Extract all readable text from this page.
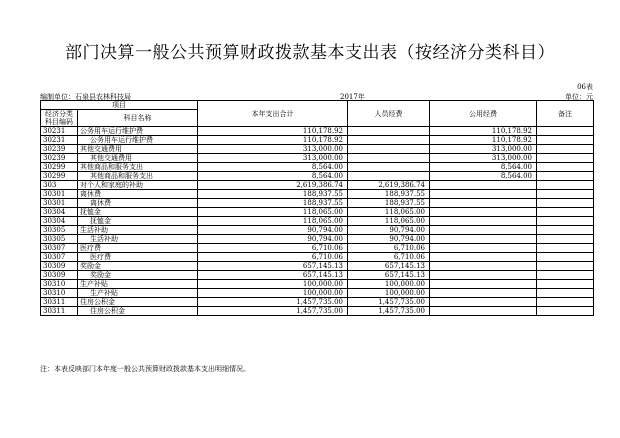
部门决算一般公共预算财政拨款基本支出表（按经济分类科目）
06表
编制单位：石泉县农林科技局	2017年	单位：元
项目		本年支出合计	人员经费	公用经费	备注
经济分类科目编码	科目名称				

30231	公务用车运行维护费	110,178.92		110,178.92	
30231	公务用车运行维护费	110,178.92		110,178.92	
30239	其他交通费用	313,000.00		313,000.00	
30239	其他交通费用	313,000.00		313,000.00	
30299	其他商品和服务支出	8,564.00		8,564.00	
30299	其他商品和服务支出	8,564.00		8,564.00	
303	对个人和家庭的补助	2,619,386.74	2,619,386.74		
30301	离休费	188,937.55	188,937.55		
30301	离休费	188,937.55	188,937.55		
30304	抚恤金	118,065.00	118,065.00		
30304	抚恤金	118,065.00	118,065.00		
30305	生活补助	90,794.00	90,794.00		
30305	生活补助	90,794.00	90,794.00		
30307	医疗费	6,710.06	6,710.06		
30307	医疗费	6,710.06	6,710.06		
30309	奖励金	657,145.13	657,145.13		
30309	奖励金	657,145.13	657,145.13		
30310	生产补贴	100,000.00	100,000.00		
30310	生产补贴	100,000.00	100,000.00		
30311	住房公积金	1,457,735.00	1,457,735.00		
30311	住房公积金	1,457,735.00	1,457,735.00		
注：本表反映部门本年度一般公共预算财政拨款基本支出明细情况。
